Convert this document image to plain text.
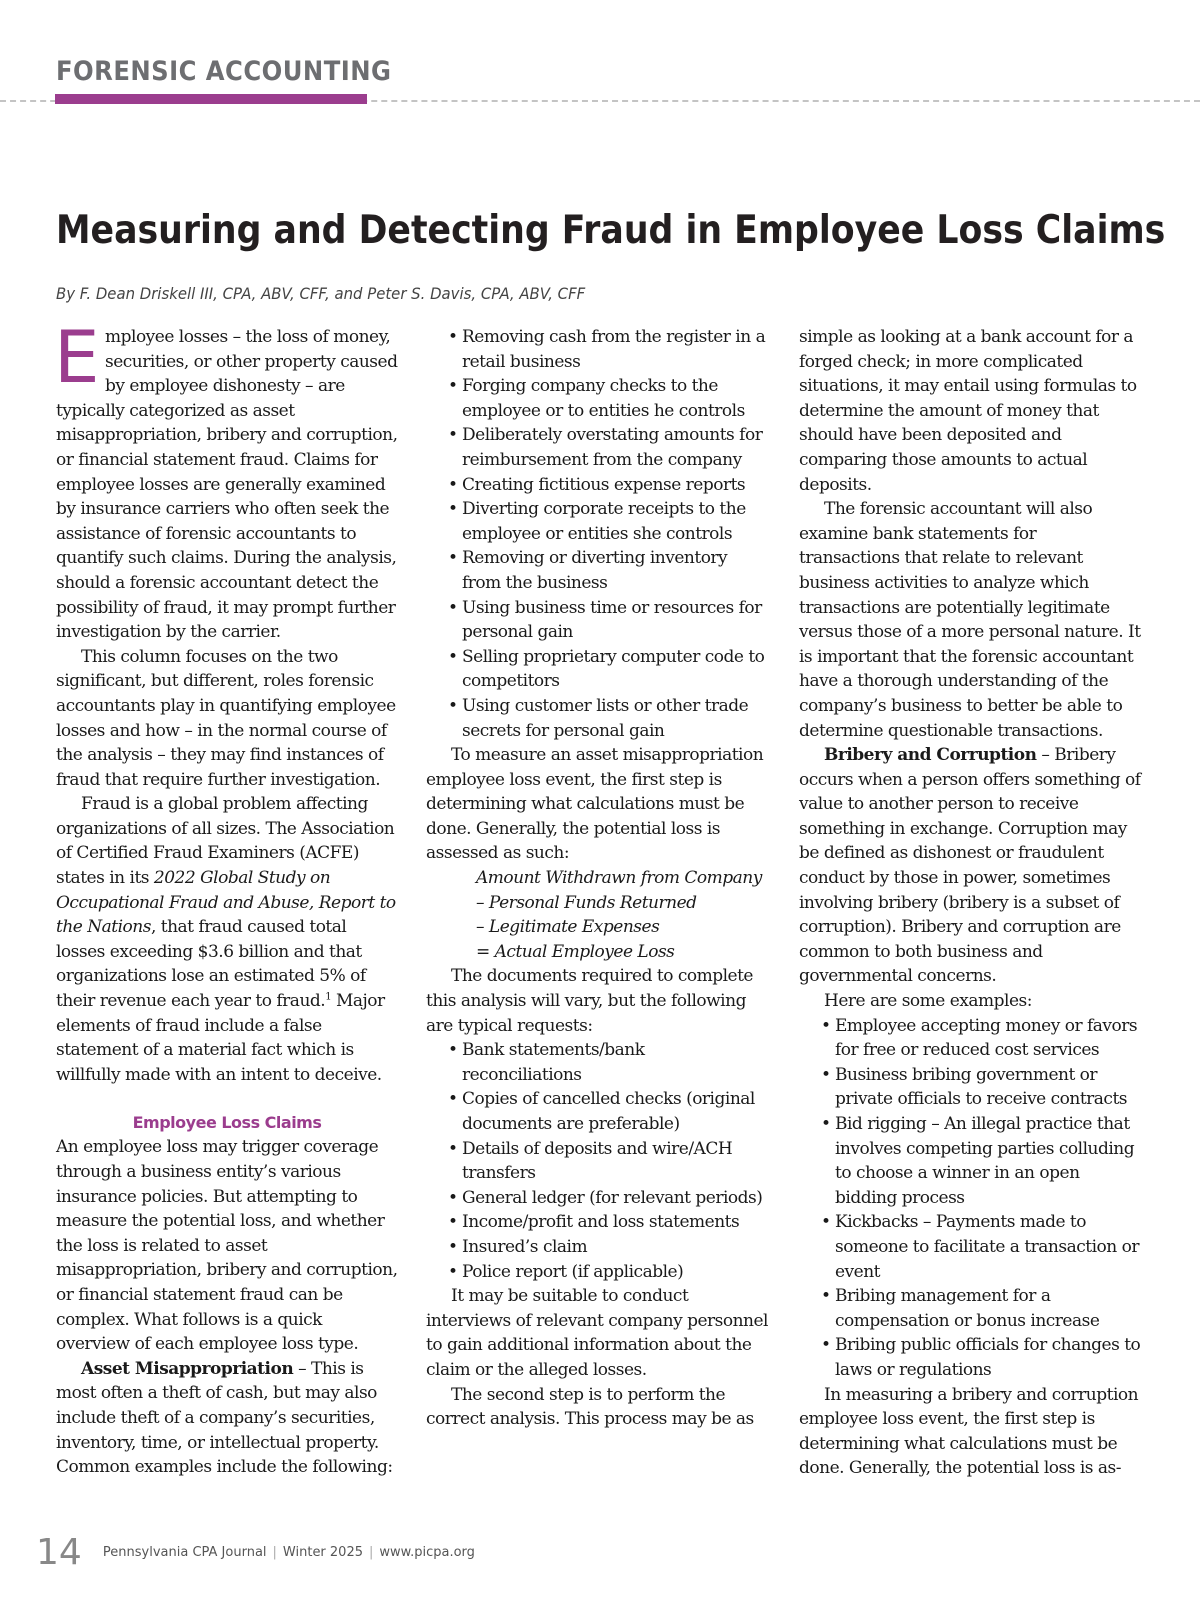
FORENSIC ACCOUNTING
Measuring and Detecting Fraud in Employee Loss Claims
By F. Dean Driskell III, CPA, ABV, CFF, and Peter S. Davis, CPA, ABV, CFF

Employee losses – the loss of money, securities, or other property caused by employee dishonesty – are typically categorized as asset misappropriation, bribery and corruption, or financial statement fraud. Claims for employee losses are generally examined by insurance carriers who often seek the assistance of forensic accountants to quantify such claims. During the analysis, should a forensic accountant detect the possibility of fraud, it may prompt further investigation by the carrier.

This column focuses on the two significant, but different, roles forensic accountants play in quantifying employee losses and how – in the normal course of the analysis – they may find instances of fraud that require further investigation.

Fraud is a global problem affecting organizations of all sizes. The Association of Certified Fraud Examiners (ACFE) states in its 2022 Global Study on Occupational Fraud and Abuse, Report to the Nations, that fraud caused total losses exceeding $3.6 billion and that organizations lose an estimated 5% of their revenue each year to fraud.$^1$ Major elements of fraud include a false statement of a material fact which is willfully made with an intent to deceive.

Employee Loss Claims

An employee loss may trigger coverage through a business entity’s various insurance policies. But attempting to measure the potential loss, and whether the loss is related to asset misappropriation, bribery and corruption, or financial statement fraud can be complex. What follows is a quick overview of each employee loss type.

Asset Misappropriation – This is most often a theft of cash, but may also include theft of a company’s securities, inventory, time, or intellectual property. Common examples include the following:

• Removing cash from the register in a retail business
• Forging company checks to the employee or to entities he controls
• Deliberately overstating amounts for reimbursement from the company
• Creating fictitious expense reports
• Diverting corporate receipts to the employee or entities she controls
• Removing or diverting inventory from the business
• Using business time or resources for personal gain
• Selling proprietary computer code to competitors
• Using customer lists or other trade secrets for personal gain

To measure an asset misappropriation employee loss event, the first step is determining what calculations must be done. Generally, the potential loss is assessed as such:

Amount Withdrawn from Company

– Personal Funds Returned

– Legitimate Expenses

= Actual Employee Loss

The documents required to complete this analysis will vary, but the following are typical requests:

• Bank statements/bank reconciliations
• Copies of cancelled checks (original documents are preferable)
• Details of deposits and wire/ACH transfers
• General ledger (for relevant periods)
• Income/profit and loss statements
• Insured’s claim
• Police report (if applicable)

It may be suitable to conduct interviews of relevant company personnel to gain additional information about the claim or the alleged losses.

The second step is to perform the correct analysis. This process may be as

simple as looking at a bank account for a forged check; in more complicated situations, it may entail using formulas to determine the amount of money that should have been deposited and comparing those amounts to actual deposits.

The forensic accountant will also examine bank statements for transactions that relate to relevant business activities to analyze which transactions are potentially legitimate versus those of a more personal nature. It is important that the forensic accountant have a thorough understanding of the company’s business to better be able to determine questionable transactions.

Bribery and Corruption – Bribery occurs when a person offers something of value to another person to receive something in exchange. Corruption may be defined as dishonest or fraudulent conduct by those in power, sometimes involving bribery (bribery is a subset of corruption). Bribery and corruption are common to both business and governmental concerns.

Here are some examples:

• Employee accepting money or favors for free or reduced cost services
• Business bribing government or private officials to receive contracts
• Bid rigging – An illegal practice that involves competing parties colluding to choose a winner in an open bidding process
• Kickbacks – Payments made to someone to facilitate a transaction or event
• Bribing management for a compensation or bonus increase
• Bribing public officials for changes to laws or regulations

In measuring a bribery and corruption employee loss event, the first step is determining what calculations must be done. Generally, the potential loss is as-

14 Pennsylvania CPA Journal | Winter 2025 | www.picpa.org
